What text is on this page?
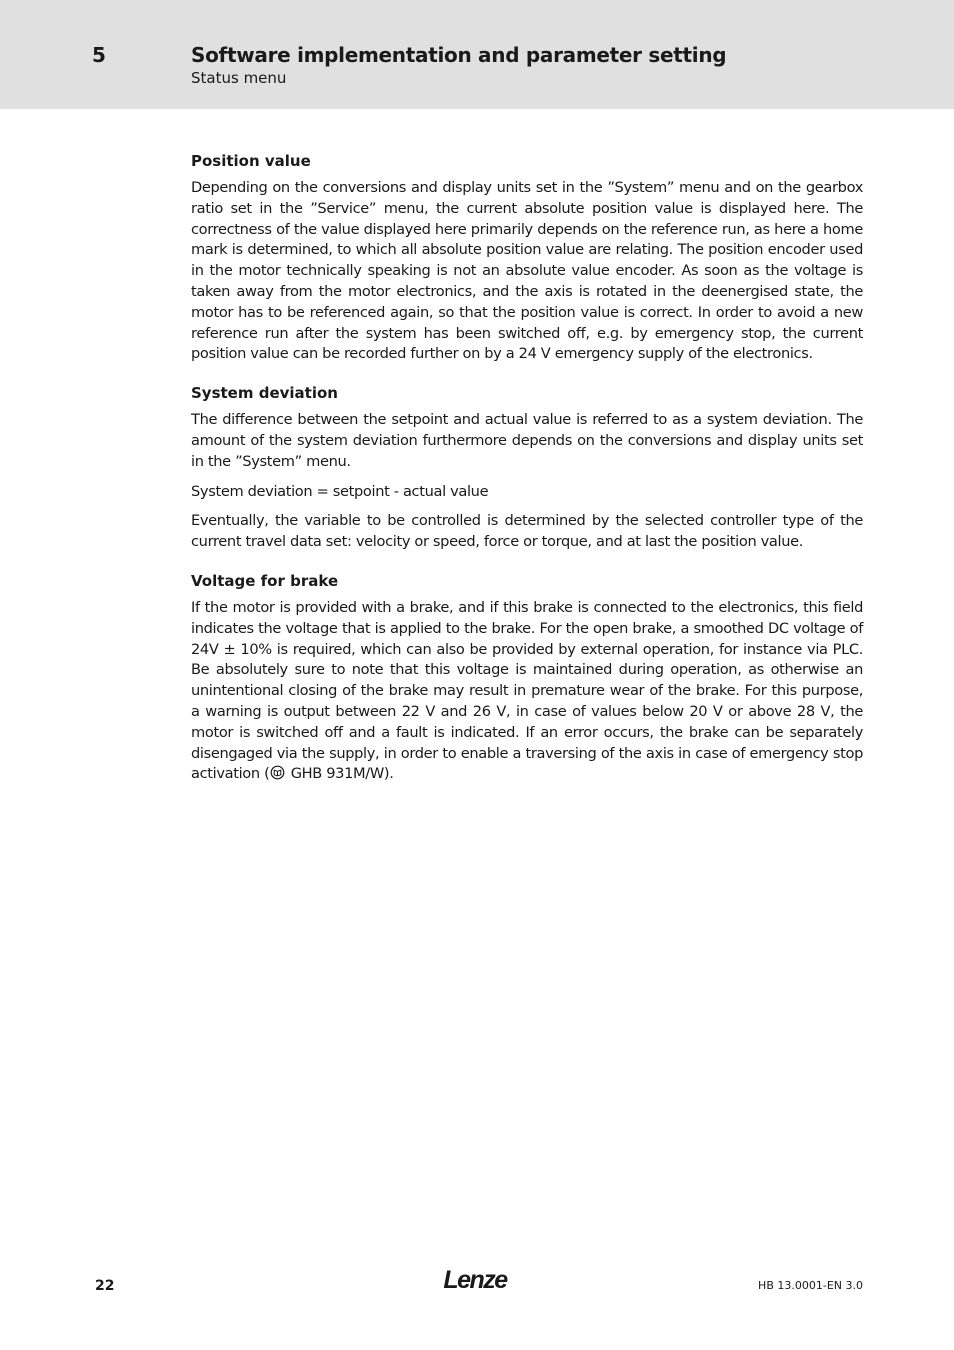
5	Software implementation and parameter setting
Status menu
Position value

Depending on the conversions and display units set in the ”System” menu and on the gearbox ratio set in the ”Service” menu, the current absolute position value is displayed here. The correctness of the value displayed here primarily depends on the reference run, as here a home mark is determined, to which all absolute position value are relating. The position encoder used in the motor technically speaking is not an absolute value encoder. As soon as the voltage is taken away from the motor electronics, and the axis is rotated in the deenergised state, the motor has to be referenced again, so that the position value is correct. In order to avoid a new reference run after the system has been switched off, e.g. by emergency stop, the current position value can be recorded further on by a 24 V emergency supply of the electronics.

System deviation

The difference between the setpoint and actual value is referred to as a system deviation. The amount of the system deviation furthermore depends on the conversions and display units set in the ”System” menu.

System deviation = setpoint - actual value

Eventually, the variable to be controlled is determined by the selected controller type of the current travel data set: velocity or speed, force or torque, and at last the position value.

Voltage for brake

If the motor is provided with a brake, and if this brake is connected to the electronics, this field indicates the voltage that is applied to the brake. For the open brake, a smoothed DC voltage of 24V ± 10% is required, which can also be provided by external operation, for instance via PLC. Be absolutely sure to note that this voltage is maintained during operation, as otherwise an unintentional closing of the brake may result in premature wear of the brake. For this purpose, a warning is output between 22 V and 26 V, in case of values below 20 V or above 28 V, the motor is switched off and a fault is indicated. If an error occurs, the brake can be separately disengaged via the supply, in order to enable a traversing of the axis in case of emergency stop activation ( GHB 931M/W).

22	Lenze	HB 13.0001-EN 3.0
